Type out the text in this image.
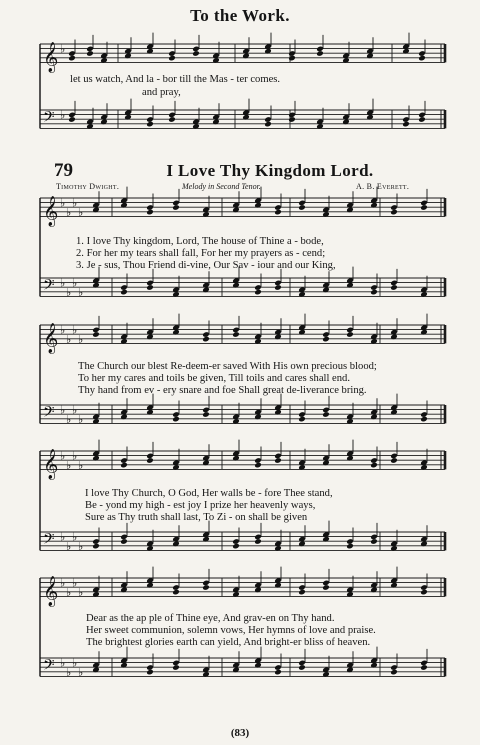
𝄞 ♭
𝄢 ♭
𝄞 ♭
♭
♭
♭
𝄢 ♭
♭
♭
♭
𝄞 ♭
♭
♭
♭
𝄢 ♭
♭
♭
♭
𝄞 ♭
♭
♭
♭
𝄢 ♭
♭
♭
♭
𝄞 ♭
♭
♭
♭
𝄢 ♭
♭
♭
♭
To the Work.
let us watch, And la - bor till the Mas - ter comes.
and pray,
79	I Love Thy Kingdom Lord.
Timothy Dwight.	Melody in Second Tenor.	A. B. Everett.
1. I love Thy kingdom, Lord, The house of Thine a - bode,
2. For her my tears shall fall, For her my prayers as - cend;
3. Je - sus, Thou Friend di-vine, Our Sav - iour and our King,
The Church our blest Re-deem-er saved With His own precious blood;
To her my cares and toils be given, Till toils and cares shall end.
Thy hand from ev - ery snare and foe Shall great de-liverance bring.
I love Thy Church, O God, Her walls be - fore Thee stand,
Be - yond my high - est joy I prize her heavenly ways,
Sure as Thy truth shall last, To Zi - on shall be given
Dear as the ap ple of Thine eye, And grav-en on Thy hand.
Her sweet communion, solemn vows, Her hymns of love and praise.
The brightest glories earth can yield, And bright-er bliss of heaven.
(83)
